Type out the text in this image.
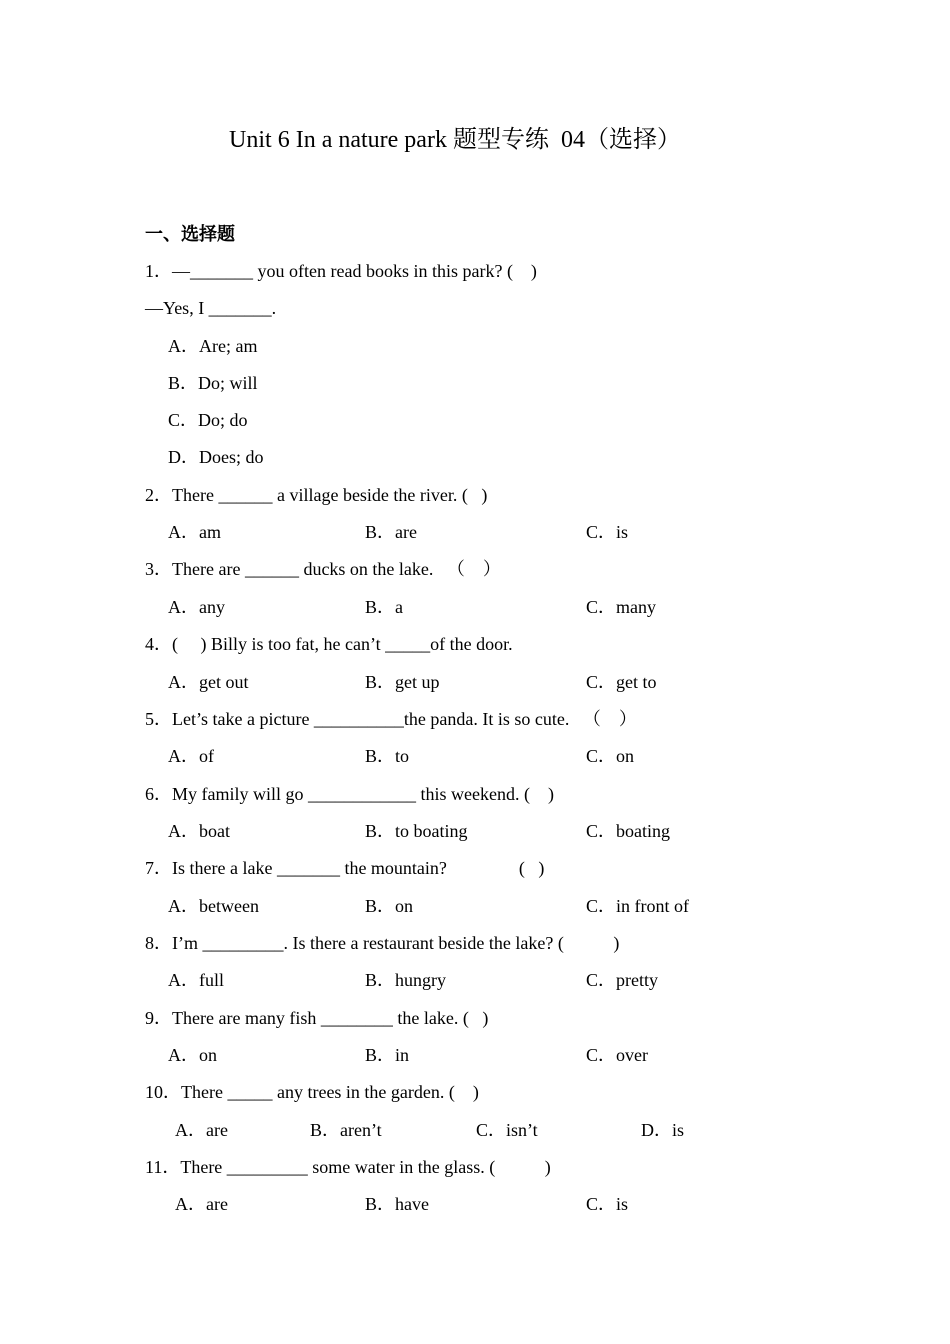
Unit 6 In a nature park 题型专练  04（选择）
一、选择题
1．—_______ you often read books in this park? (    )
—Yes, I _______.
A．Are; am
B．Do; will
C．Do; do
D．Does; do
2．There ______ a village beside the river. (   )
A．am	B．are	C．is
3．There are ______ ducks on the lake.   （    ）
A．any	B．a	C．many
4．(     ) Billy is too fat, he can’t _____of the door.
A．get out	B．get up	C．get to
5．Let’s take a picture __________the panda. It is so cute.   （    ）
A．of	B．to	C．on
6．My family will go ____________ this weekend. (    )
A．boat	B．to boating	C．boating
7．Is there a lake _______ the mountain?                (   )
A．between	B．on	C．in front of
8．I’m _________. Is there a restaurant beside the lake? (           )
A．full	B．hungry	C．pretty
9．There are many fish ________ the lake. (   )
A．on	B．in	C．over
10．There _____ any trees in the garden. (    )
A．are	B．aren’t	C．isn’t	D．is
11．There _________ some water in the glass. (           )
A．are	B．have	C．is
